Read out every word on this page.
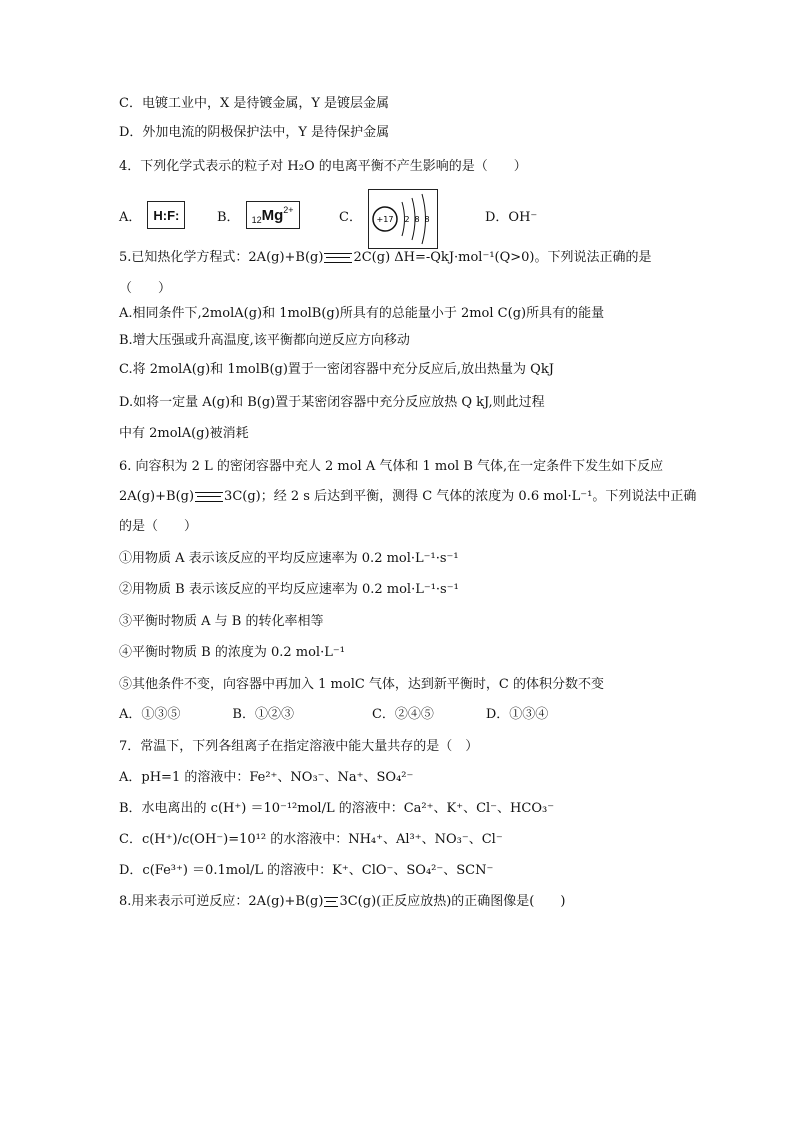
C．电镀工业中，X 是待镀金属，Y 是镀层金属
D．外加电流的阴极保护法中，Y 是待保护金属
4．下列化学式表示的粒子对 H₂O 的电离平衡不产生影响的是（　　）
A． H:F:	B． 12 $Mg^{2+}$	C． +17 2 8 8	D．OH⁻
5.已知热化学方程式：2A(g)+B(g) 2C(g) ΔH=-QkJ·mol⁻¹(Q>0)。下列说法正确的是
（　　）
A.相同条件下,2molA(g)和 1molB(g)所具有的总能量小于 2mol C(g)所具有的能量
B.增大压强或升高温度,该平衡都向逆反应方向移动
C.将 2molA(g)和 1molB(g)置于一密闭容器中充分反应后,放出热量为 QkJ
D.如将一定量 A(g)和 B(g)置于某密闭容器中充分反应放热 Q kJ,则此过程
中有 2molA(g)被消耗
6. 向容积为 2 L 的密闭容器中充人 2 mol A 气体和 1 mol B 气体,在一定条件下发生如下反应
2A(g)+B(g) 3C(g)；经 2 s 后达到平衡，测得 C 气体的浓度为 0.6 mol·L⁻¹。下列说法中正确
的是（　　）
①用物质 A 表示该反应的平均反应速率为 0.2 mol·L⁻¹·s⁻¹
②用物质 B 表示该反应的平均反应速率为 0.2 mol·L⁻¹·s⁻¹
③平衡时物质 A 与 B 的转化率相等
④平衡时物质 B 的浓度为 0.2 mol·L⁻¹
⑤其他条件不变，向容器中再加入 1 molC 气体，达到新平衡时，C 的体积分数不变
A．①③⑤　　　　B．①②③　　　　　　C．②④⑤　　　　D．①③④
7．常温下，下列各组离子在指定溶液中能大量共存的是（　）
A．pH=1 的溶液中：Fe²⁺、NO₃⁻、Na⁺、SO₄²⁻
B．水电离出的 c(H⁺) ＝10⁻¹²mol/L 的溶液中：Ca²⁺、K⁺、Cl⁻、HCO₃⁻
C．c(H⁺)/c(OH⁻)=10¹² 的水溶液中：NH₄⁺、Al³⁺、NO₃⁻、Cl⁻
D．c(Fe³⁺) ＝0.1mol/L 的溶液中：K⁺、ClO⁻、SO₄²⁻、SCN⁻
8.用来表示可逆反应：2A(g)+B(g) 3C(g)(正反应放热)的正确图像是(　　)
